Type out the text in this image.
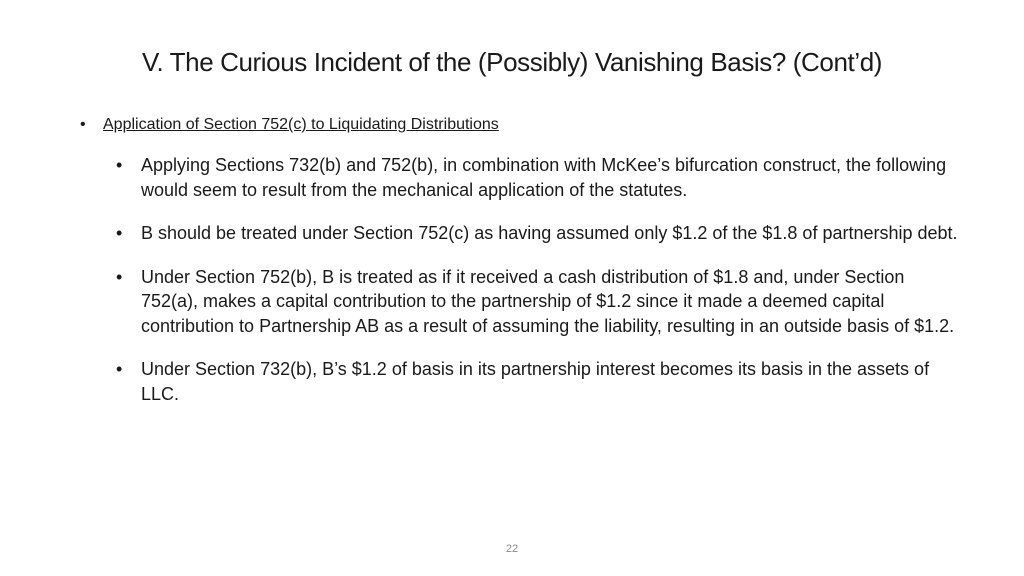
V. The Curious Incident of the (Possibly) Vanishing Basis? (Cont’d)
• Application of Section 752(c) to Liquidating Distributions
• Applying Sections 732(b) and 752(b), in combination with McKee’s bifurcation construct, the following would seem to result from the mechanical application of the statutes.
• B should be treated under Section 752(c) as having assumed only $1.2 of the $1.8 of partnership debt.
• Under Section 752(b), B is treated as if it received a cash distribution of $1.8 and, under Section 752(a), makes a capital contribution to the partnership of $1.2 since it made a deemed capital contribution to Partnership AB as a result of assuming the liability, resulting in an outside basis of $1.2.
• Under Section 732(b), B’s $1.2 of basis in its partnership interest becomes its basis in the assets of LLC.
22
